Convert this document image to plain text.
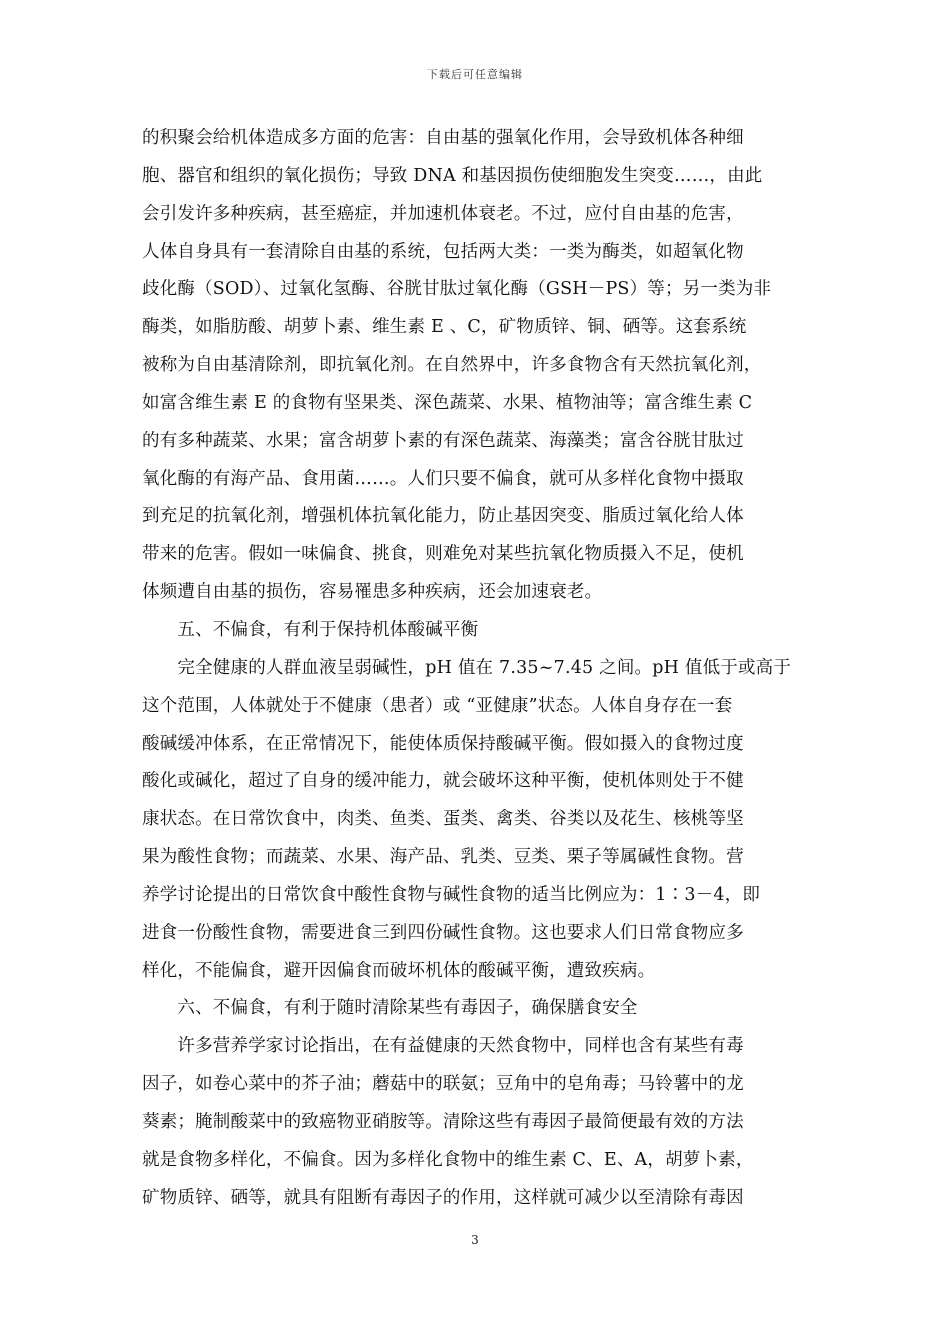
下载后可任意编辑
的积聚会给机体造成多方面的危害：自由基的强氧化作用，会导致机体各种细
胞、器官和组织的氧化损伤；导致 DNA 和基因损伤使细胞发生突变……，由此
会引发许多种疾病，甚至癌症，并加速机体衰老。不过，应付自由基的危害，
人体自身具有一套清除自由基的系统，包括两大类：一类为酶类，如超氧化物
歧化酶（SOD）、过氧化氢酶、谷胱甘肽过氧化酶（GSH－PS）等；另一类为非
酶类，如脂肪酸、胡萝卜素、维生素 E 、C，矿物质锌、铜、硒等。这套系统
被称为自由基清除剂，即抗氧化剂。在自然界中，许多食物含有天然抗氧化剂，
如富含维生素 E 的食物有坚果类、深色蔬菜、水果、植物油等；富含维生素 C
的有多种蔬菜、水果；富含胡萝卜素的有深色蔬菜、海藻类；富含谷胱甘肽过
氧化酶的有海产品、食用菌……。人们只要不偏食，就可从多样化食物中摄取
到充足的抗氧化剂，增强机体抗氧化能力，防止基因突变、脂质过氧化给人体
带来的危害。假如一味偏食、挑食，则难免对某些抗氧化物质摄入不足，使机
体频遭自由基的损伤，容易罹患多种疾病，还会加速衰老。
　　五、不偏食，有利于保持机体酸碱平衡
　　完全健康的人群血液呈弱碱性，pH 值在 7.35~7.45 之间。pH 值低于或高于
这个范围，人体就处于不健康（患者）或 “亚健康”状态。人体自身存在一套
酸碱缓冲体系，在正常情况下，能使体质保持酸碱平衡。假如摄入的食物过度
酸化或碱化，超过了自身的缓冲能力，就会破坏这种平衡，使机体则处于不健
康状态。在日常饮食中，肉类、鱼类、蛋类、禽类、谷类以及花生、核桃等坚
果为酸性食物；而蔬菜、水果、海产品、乳类、豆类、栗子等属碱性食物。营
养学讨论提出的日常饮食中酸性食物与碱性食物的适当比例应为：1∶3－4，即
进食一份酸性食物，需要进食三到四份碱性食物。这也要求人们日常食物应多
样化，不能偏食，避开因偏食而破坏机体的酸碱平衡，遭致疾病。
　　六、不偏食，有利于随时清除某些有毒因子，确保膳食安全
　　许多营养学家讨论指出，在有益健康的天然食物中，同样也含有某些有毒
因子，如卷心菜中的芥子油；蘑菇中的联氨；豆角中的皂角毒；马铃薯中的龙
葵素；腌制酸菜中的致癌物亚硝胺等。清除这些有毒因子最简便最有效的方法
就是食物多样化，不偏食。因为多样化食物中的维生素 C、E、A，胡萝卜素，
矿物质锌、硒等，就具有阻断有毒因子的作用，这样就可减少以至清除有毒因
3
